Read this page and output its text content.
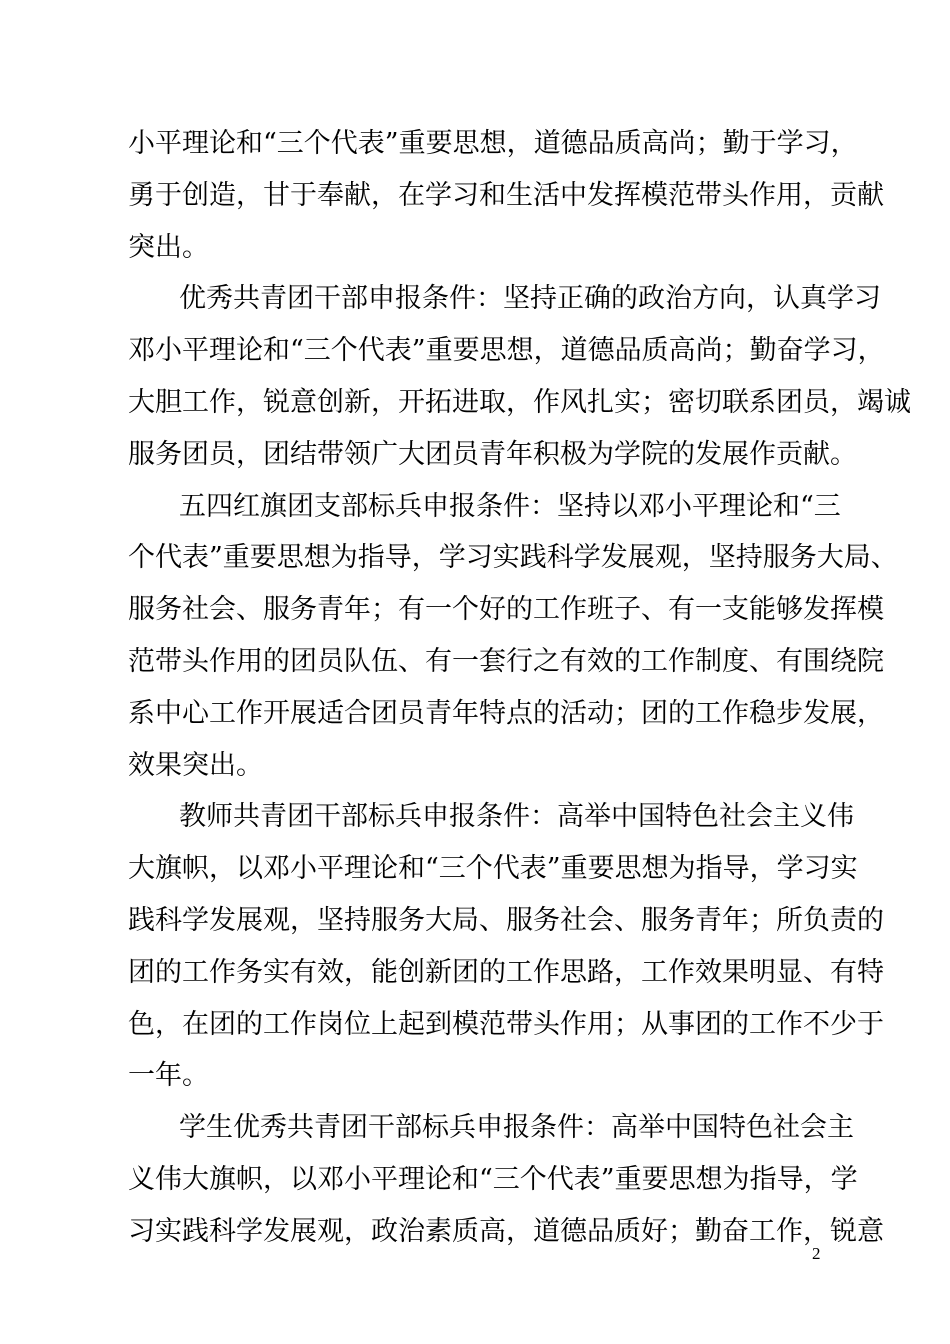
小平理论和“三个代表”重要思想，道德品质高尚；勤于学习，
勇于创造，甘于奉献，在学习和生活中发挥模范带头作用，贡献
突出。
优秀共青团干部申报条件：坚持正确的政治方向，认真学习
邓小平理论和“三个代表”重要思想，道德品质高尚；勤奋学习，
大胆工作，锐意创新，开拓进取，作风扎实；密切联系团员，竭诚
服务团员，团结带领广大团员青年积极为学院的发展作贡献。
五四红旗团支部标兵申报条件：坚持以邓小平理论和“三
个代表”重要思想为指导，学习实践科学发展观，坚持服务大局、
服务社会、服务青年；有一个好的工作班子、有一支能够发挥模
范带头作用的团员队伍、有一套行之有效的工作制度、有围绕院
系中心工作开展适合团员青年特点的活动；团的工作稳步发展，
效果突出。
教师共青团干部标兵申报条件：高举中国特色社会主义伟
大旗帜，以邓小平理论和“三个代表”重要思想为指导，学习实
践科学发展观，坚持服务大局、服务社会、服务青年；所负责的
团的工作务实有效，能创新团的工作思路，工作效果明显、有特
色，在团的工作岗位上起到模范带头作用；从事团的工作不少于
一年。
学生优秀共青团干部标兵申报条件：高举中国特色社会主
义伟大旗帜，以邓小平理论和“三个代表”重要思想为指导，学
习实践科学发展观，政治素质高，道德品质好；勤奋工作，锐意
2
